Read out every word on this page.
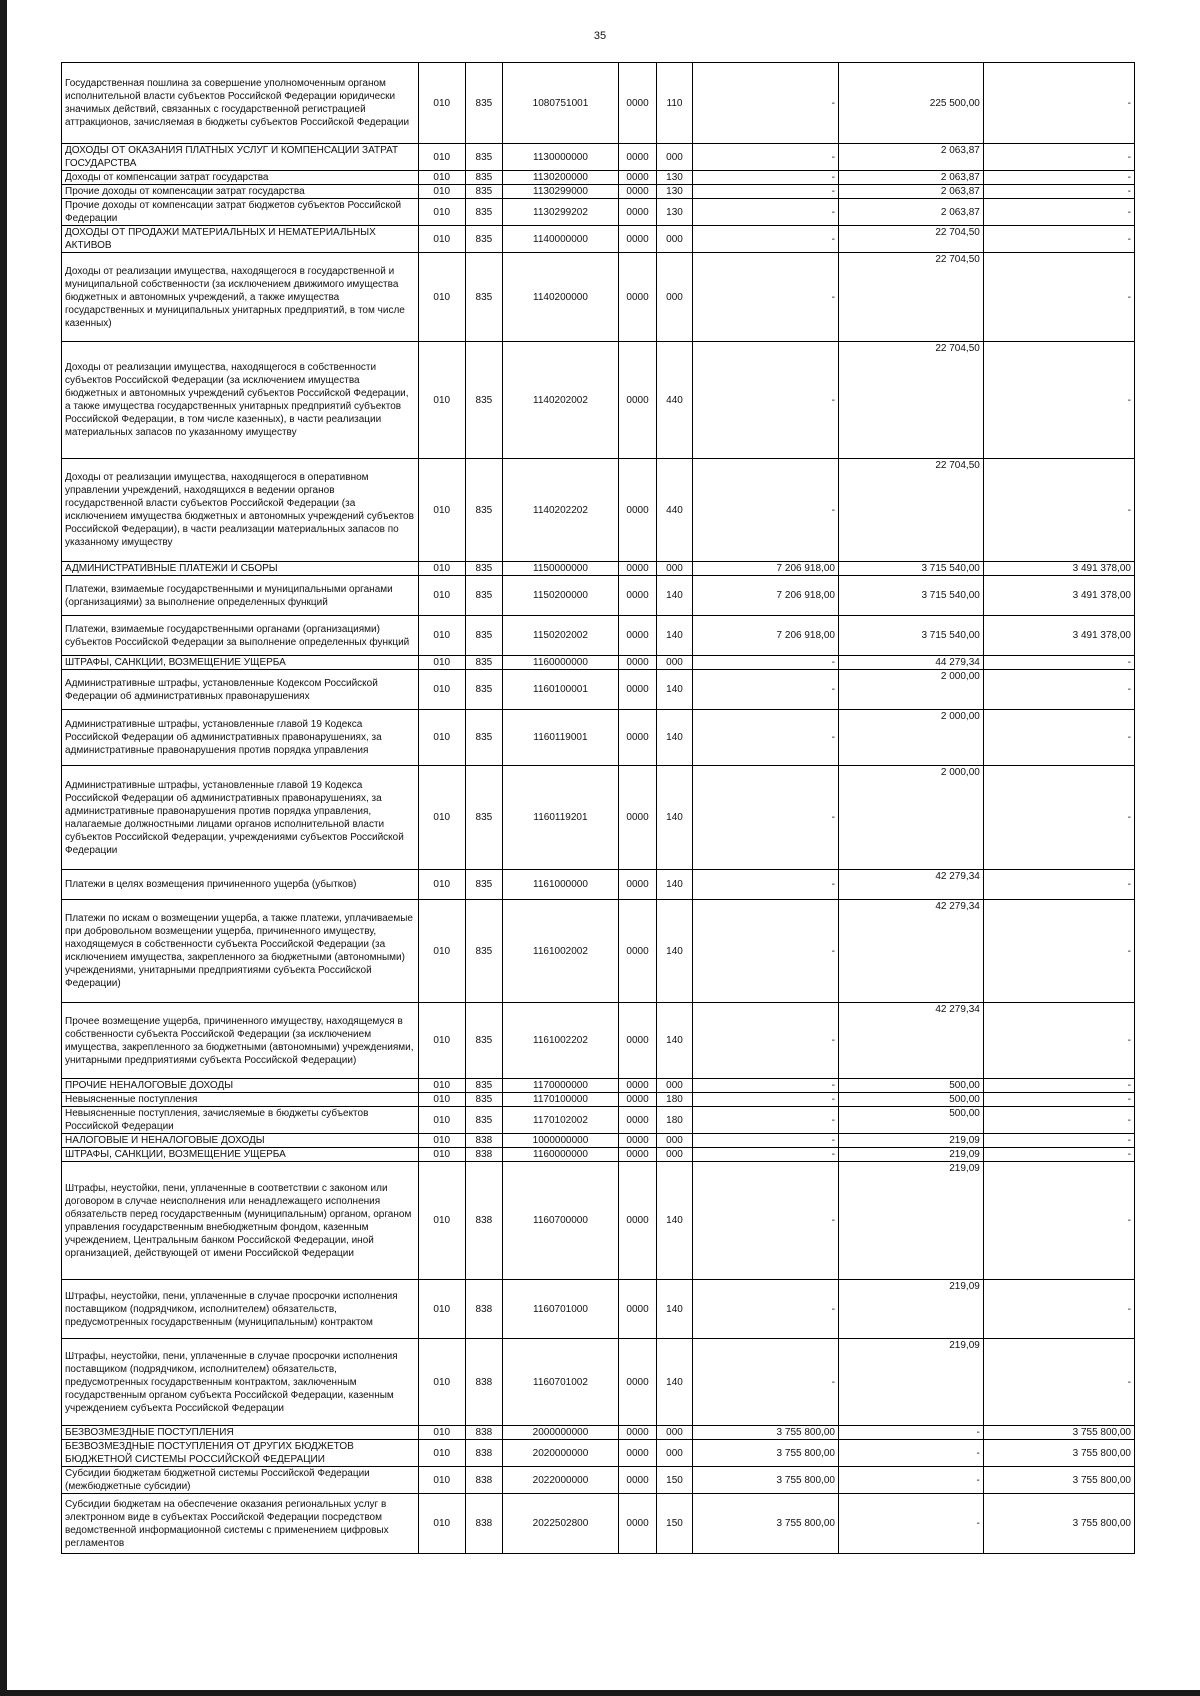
35
Государственная пошлина за совершение уполномоченным органом исполнительной власти субъектов Российской Федерации юридически значимых действий, связанных с государственной регистрацией аттракционов, зачисляемая в бюджеты субъектов Российской Федерации	010	835	1080751001	0000	110	-	225 500,00	-
ДОХОДЫ ОТ ОКАЗАНИЯ ПЛАТНЫХ УСЛУГ И КОМПЕНСАЦИИ ЗАТРАТ ГОСУДАРСТВА	010	835	1130000000	0000	000	-	2 063,87	-
Доходы от компенсации затрат государства	010	835	1130200000	0000	130	-	2 063,87	-
Прочие доходы от компенсации затрат государства	010	835	1130299000	0000	130	-	2 063,87	-
Прочие доходы от компенсации затрат бюджетов субъектов Российской Федерации	010	835	1130299202	0000	130	-	2 063,87	-
ДОХОДЫ ОТ ПРОДАЖИ МАТЕРИАЛЬНЫХ И НЕМАТЕРИАЛЬНЫХ АКТИВОВ	010	835	1140000000	0000	000	-	22 704,50	-
Доходы от реализации имущества, находящегося в государственной и муниципальной собственности (за исключением движимого имущества бюджетных и автономных учреждений, а также имущества государственных и муниципальных унитарных предприятий, в том числе казенных)	010	835	1140200000	0000	000	-	22 704,50	-
Доходы от реализации имущества, находящегося в собственности субъектов Российской Федерации (за исключением имущества бюджетных и автономных учреждений субъектов Российской Федерации, а также имущества государственных унитарных предприятий субъектов Российской Федерации, в том числе казенных), в части реализации материальных запасов по указанному имуществу	010	835	1140202002	0000	440	-	22 704,50	-
Доходы от реализации имущества, находящегося в оперативном управлении учреждений, находящихся в ведении органов государственной власти субъектов Российской Федерации (за исключением имущества бюджетных и автономных учреждений субъектов Российской Федерации), в части реализации материальных запасов по указанному имуществу	010	835	1140202202	0000	440	-	22 704,50	-
АДМИНИСТРАТИВНЫЕ ПЛАТЕЖИ И СБОРЫ	010	835	1150000000	0000	000	7 206 918,00	3 715 540,00	3 491 378,00
Платежи, взимаемые государственными и муниципальными органами (организациями) за выполнение определенных функций	010	835	1150200000	0000	140	7 206 918,00	3 715 540,00	3 491 378,00
Платежи, взимаемые государственными органами (организациями) субъектов Российской Федерации за выполнение определенных функций	010	835	1150202002	0000	140	7 206 918,00	3 715 540,00	3 491 378,00
ШТРАФЫ, САНКЦИИ, ВОЗМЕЩЕНИЕ УЩЕРБА	010	835	1160000000	0000	000	-	44 279,34	-
Административные штрафы, установленные Кодексом Российской Федерации об административных правонарушениях	010	835	1160100001	0000	140	-	2 000,00	-
Административные штрафы, установленные главой 19 Кодекса Российской Федерации об административных правонарушениях, за административные правонарушения против порядка управления	010	835	1160119001	0000	140	-	2 000,00	-
Административные штрафы, установленные главой 19 Кодекса Российской Федерации об административных правонарушениях, за административные правонарушения против порядка управления, налагаемые должностными лицами органов исполнительной власти субъектов Российской Федерации, учреждениями субъектов Российской Федерации	010	835	1160119201	0000	140	-	2 000,00	-
Платежи в целях возмещения причиненного ущерба (убытков)	010	835	1161000000	0000	140	-	42 279,34	-
Платежи по искам о возмещении ущерба, а также платежи, уплачиваемые при добровольном возмещении ущерба, причиненного имуществу, находящемуся в собственности субъекта Российской Федерации (за исключением имущества, закрепленного за бюджетными (автономными) учреждениями, унитарными предприятиями субъекта Российской Федерации)	010	835	1161002002	0000	140	-	42 279,34	-
Прочее возмещение ущерба, причиненного имуществу, находящемуся в собственности субъекта Российской Федерации (за исключением имущества, закрепленного за бюджетными (автономными) учреждениями, унитарными предприятиями субъекта Российской Федерации)	010	835	1161002202	0000	140	-	42 279,34	-
ПРОЧИЕ НЕНАЛОГОВЫЕ ДОХОДЫ	010	835	1170000000	0000	000	-	500,00	-
Невыясненные поступления	010	835	1170100000	0000	180	-	500,00	-
Невыясненные поступления, зачисляемые в бюджеты субъектов Российской Федерации	010	835	1170102002	0000	180	-	500,00	-
НАЛОГОВЫЕ И НЕНАЛОГОВЫЕ ДОХОДЫ	010	838	1000000000	0000	000	-	219,09	-
ШТРАФЫ, САНКЦИИ, ВОЗМЕЩЕНИЕ УЩЕРБА	010	838	1160000000	0000	000	-	219,09	-
Штрафы, неустойки, пени, уплаченные в соответствии с законом или договором в случае неисполнения или ненадлежащего исполнения обязательств перед государственным (муниципальным) органом, органом управления государственным внебюджетным фондом, казенным учреждением, Центральным банком Российской Федерации, иной организацией, действующей от имени Российской Федерации	010	838	1160700000	0000	140	-	219,09	-
Штрафы, неустойки, пени, уплаченные в случае просрочки исполнения поставщиком (подрядчиком, исполнителем) обязательств, предусмотренных государственным (муниципальным) контрактом	010	838	1160701000	0000	140	-	219,09	-
Штрафы, неустойки, пени, уплаченные в случае просрочки исполнения поставщиком (подрядчиком, исполнителем) обязательств, предусмотренных государственным контрактом, заключенным государственным органом субъекта Российской Федерации, казенным учреждением субъекта Российской Федерации	010	838	1160701002	0000	140	-	219,09	-
БЕЗВОЗМЕЗДНЫЕ ПОСТУПЛЕНИЯ	010	838	2000000000	0000	000	3 755 800,00	-	3 755 800,00
БЕЗВОЗМЕЗДНЫЕ ПОСТУПЛЕНИЯ ОТ ДРУГИХ БЮДЖЕТОВ БЮДЖЕТНОЙ СИСТЕМЫ РОССИЙСКОЙ ФЕДЕРАЦИИ	010	838	2020000000	0000	000	3 755 800,00	-	3 755 800,00
Субсидии бюджетам бюджетной системы Российской Федерации (межбюджетные субсидии)	010	838	2022000000	0000	150	3 755 800,00	-	3 755 800,00
Субсидии бюджетам на обеспечение оказания региональных услуг в электронном виде в субъектах Российской Федерации посредством ведомственной информационной системы с применением цифровых регламентов	010	838	2022502800	0000	150	3 755 800,00	-	3 755 800,00
